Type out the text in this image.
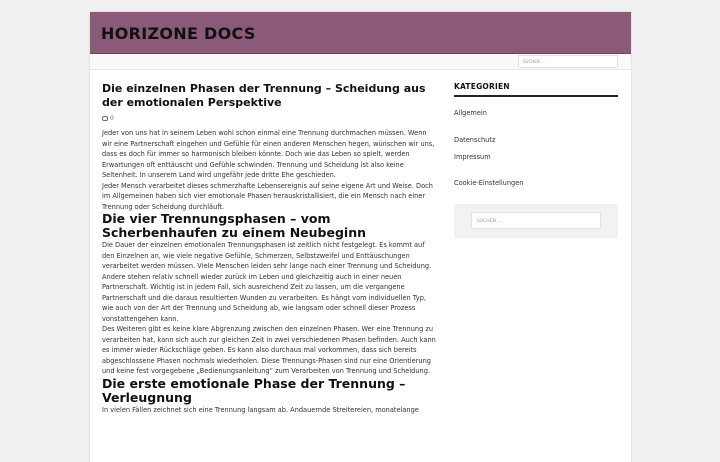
HORIZONE DOCS
SUCHEN ...
Die einzelnen Phasen der Trennung – Scheidung aus der emotionalen Perspektive
0

Jeder von uns hat in seinem Leben wohl schon einmal eine Trennung durchmachen müssen. Wenn wir eine Partnerschaft eingehen und Gefühle für einen anderen Menschen hegen, wünschen wir uns, dass es doch für immer so harmonisch bleiben könnte. Doch wie das Leben so spielt, werden Erwartungen oft enttäuscht und Gefühle schwinden. Trennung und Scheidung ist also keine Seltenheit. In unserem Land wird ungefähr jede dritte Ehe geschieden.

Jeder Mensch verarbeitet dieses schmerzhafte Lebensereignis auf seine eigene Art und Weise. Doch im Allgemeinen haben sich vier emotionale Phasen herauskristallisiert, die ein Mensch nach einer Trennung oder Scheidung durchläuft.

Die vier Trennungsphasen – vom Scherbenhaufen zu einem Neubeginn

Die Dauer der einzelnen emotionalen Trennungsphasen ist zeitlich nicht festgelegt. Es kommt auf den Einzelnen an, wie viele negative Gefühle, Schmerzen, Selbstzweifel und Enttäuschungen verarbeitet werden müssen. Viele Menschen leiden sehr lange nach einer Trennung und Scheidung. Andere stehen relativ schnell wieder zurück im Leben und gleichzeitig auch in einer neuen Partnerschaft. Wichtig ist in jedem Fall, sich ausreichend Zeit zu lassen, um die vergangene Partnerschaft und die daraus resultierten Wunden zu verarbeiten. Es hängt vom individuellen Typ, wie auch von der Art der Trennung und Scheidung ab, wie langsam oder schnell dieser Prozess vonstattengehen kann.

Des Weiteren gibt es keine klare Abgrenzung zwischen den einzelnen Phasen. Wer eine Trennung zu verarbeiten hat, kann sich auch zur gleichen Zeit in zwei verschiedenen Phasen befinden. Auch kann es immer wieder Rückschläge geben. Es kann also durchaus mal vorkommen, dass sich bereits abgeschlossene Phasen nochmals wiederholen. Diese Trennungs-Phasen sind nur eine Orientierung und keine fest vorgegebene „Bedienungsanleitung“ zum Verarbeiten von Trennung und Scheidung.

Die erste emotionale Phase der Trennung – Verleugnung

In vielen Fällen zeichnet sich eine Trennung langsam ab. Andauernde Streitereien, monatelange

KATEGORIEN
Allgemein
Datenschutz
Impressum
Cookie-Einstellungen
SUCHEN ...
